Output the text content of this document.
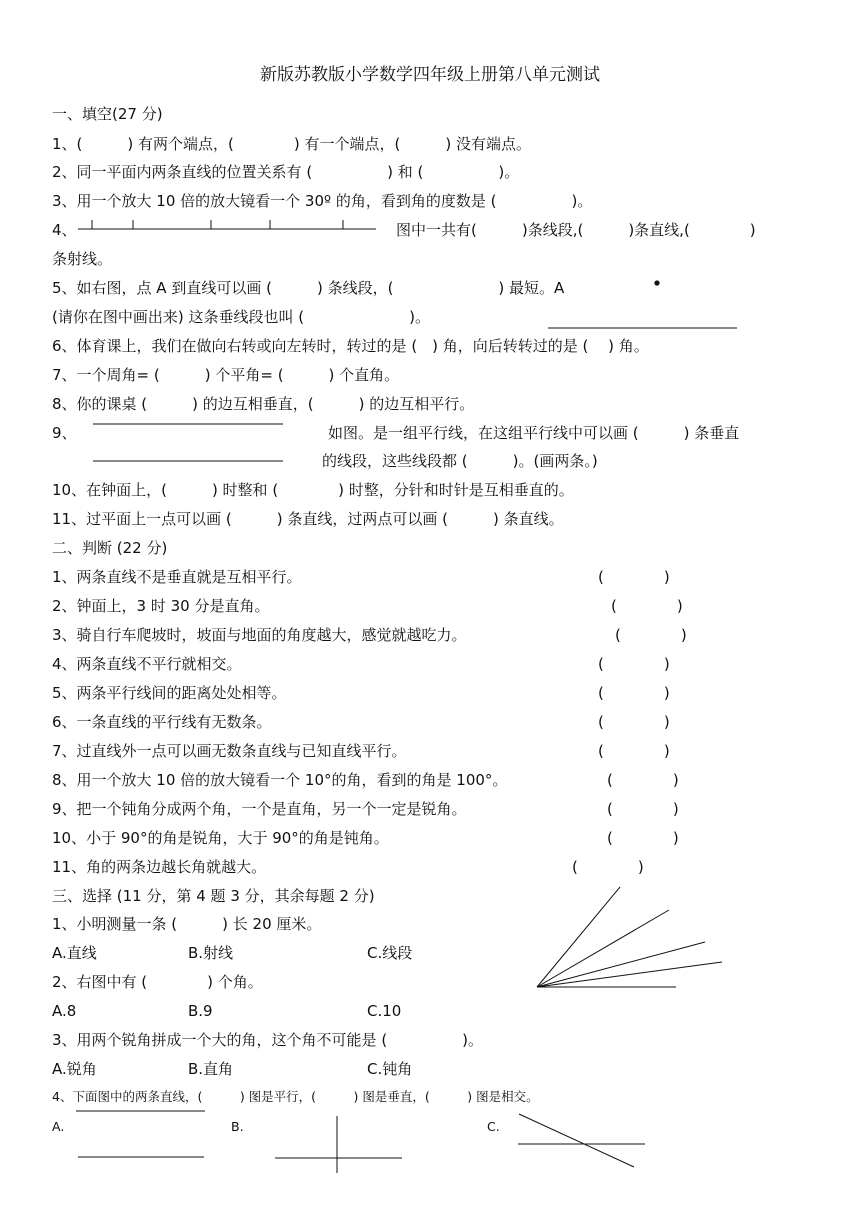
新版苏教版小学数学四年级上册第八单元测试
一、填空(27 分)
1、(　　　) 有两个端点，(　　　　) 有一个端点，(　　　) 没有端点。
2、同一平面内两条直线的位置关系有 (　　　　　) 和 (　　　　　)。
3、用一个放大 10 倍的放大镜看一个 30º 的角，看到角的度数是 (　　　　　)。
4、	图中一共有(　　　)条线段,(　　　)条直线,(　　　　)
条射线。
5、如右图，点 A 到直线可以画 (　　　) 条线段，(　　　　　　　) 最短。A
(请你在图中画出来) 这条垂线段也叫 (　　　　　　　)。
6、体育课上，我们在做向右转或向左转时，转过的是 (　) 角，向后转转过的是 (　 ) 角。
7、一个周角= (　　　) 个平角= (　　　) 个直角。
8、你的课桌 (　　　) 的边互相垂直，(　　　) 的边互相平行。
9、	如图。是一组平行线，在这组平行线中可以画 (　　　) 条垂直
的线段，这些线段都 (　　　)。(画两条。)
10、在钟面上，(　　　) 时整和 (　　　　) 时整，分针和时针是互相垂直的。
11、过平面上一点可以画 (　　　) 条直线，过两点可以画 (　　　) 条直线。
二、判断 (22 分)
1、两条直线不是垂直就是互相平行。	(　　　　)
2、钟面上，3 时 30 分是直角。	(　　　　)
3、骑自行车爬坡时，坡面与地面的角度越大，感觉就越吃力。	(　　　　)
4、两条直线不平行就相交。	(　　　　)
5、两条平行线间的距离处处相等。	(　　　　)
6、一条直线的平行线有无数条。	(　　　　)
7、过直线外一点可以画无数条直线与已知直线平行。	(　　　　)
8、用一个放大 10 倍的放大镜看一个 10°的角，看到的角是 100°。	(　　　　)
9、把一个钝角分成两个角，一个是直角，另一个一定是锐角。	(　　　　)
10、小于 90°的角是锐角，大于 90°的角是钝角。	(　　　　)
11、角的两条边越长角就越大。	(　　　　)
三、选择 (11 分，第 4 题 3 分，其余每题 2 分)
1、小明测量一条 (　　　) 长 20 厘米。
A.直线	B.射线	C.线段
2、右图中有 (　　　　) 个角。
A.8	B.9	C.10
3、用两个锐角拼成一个大的角，这个角不可能是 (　　　　　)。
A.锐角	B.直角	C.钝角
4、下面图中的两条直线，(　　　) 图是平行，(　　　) 图是垂直，(　　　) 图是相交。
A.	B.	C.
